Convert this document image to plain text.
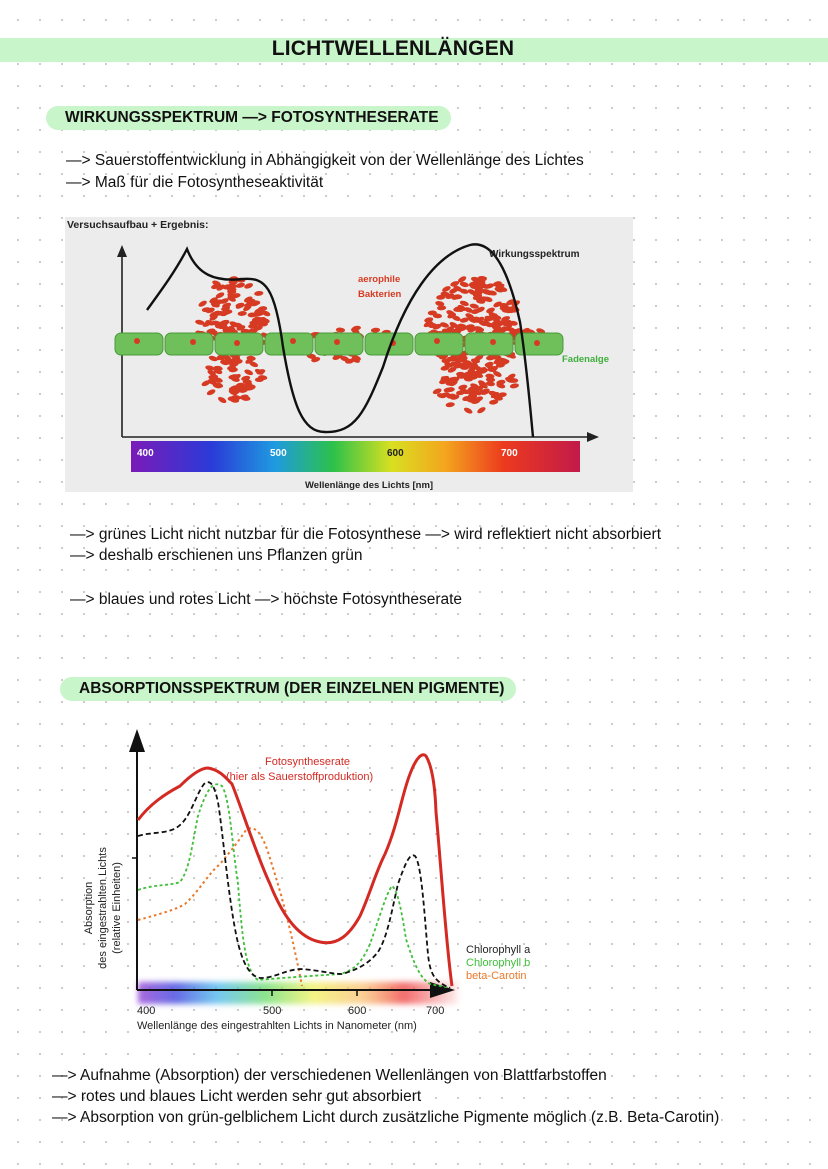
LICHTWELLENLÄNGEN
WIRKUNGSSPEKTRUM —> FOTOSYNTHESERATE
—> Sauerstoffentwicklung in Abhängigkeit von der Wellenlänge des Lichtes
—> Maß für die Fotosyntheseaktivität
Versuchsaufbau + Ergebnis:
Wirkungsspektrum
aerophile
Bakterien
Fadenalge
400	500	600	700
Wellenlänge des Lichts [nm]
—> grünes Licht nicht nutzbar für die Fotosynthese —> wird reflektiert nicht absorbiert
—> deshalb erschienen uns Pflanzen grün
—> blaues und rotes Licht —> höchste Fotosyntheserate
ABSORPTIONSSPEKTRUM (DER EINZELNEN PIGMENTE)
Fotosyntheserate
(hier als Sauerstoffproduktion)
Absorption des eingestrahlten Lichts (relative Einheiten)	Chlorophyll a
Chlorophyll b
beta-Carotin
400	500	600	700
Wellenlänge des eingestrahlten Lichts in Nanometer (nm)
—> Aufnahme (Absorption) der verschiedenen Wellenlängen von Blattfarbstoffen
—> rotes und blaues Licht werden sehr gut absorbiert
—> Absorption von grün-gelblichem Licht durch zusätzliche Pigmente möglich (z.B. Beta-Carotin)
